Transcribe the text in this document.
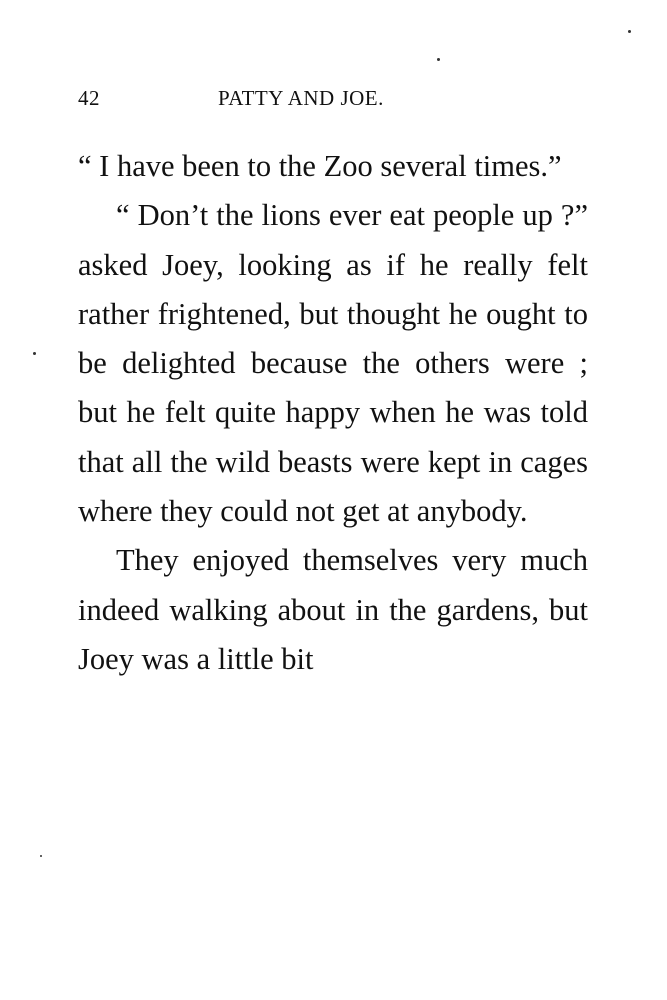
42	PATTY AND JOE.

“ I have been to the Zoo several times.”

“ Don’t the lions ever eat people up ?” asked Joey, looking as if he really felt rather frightened, but thought he ought to be delighted because the others were ; but he felt quite happy when he was told that all the wild beasts were kept in cages where they could not get at anybody.

They enjoyed themselves very much indeed walking about in the gardens, but Joey was a little bit
